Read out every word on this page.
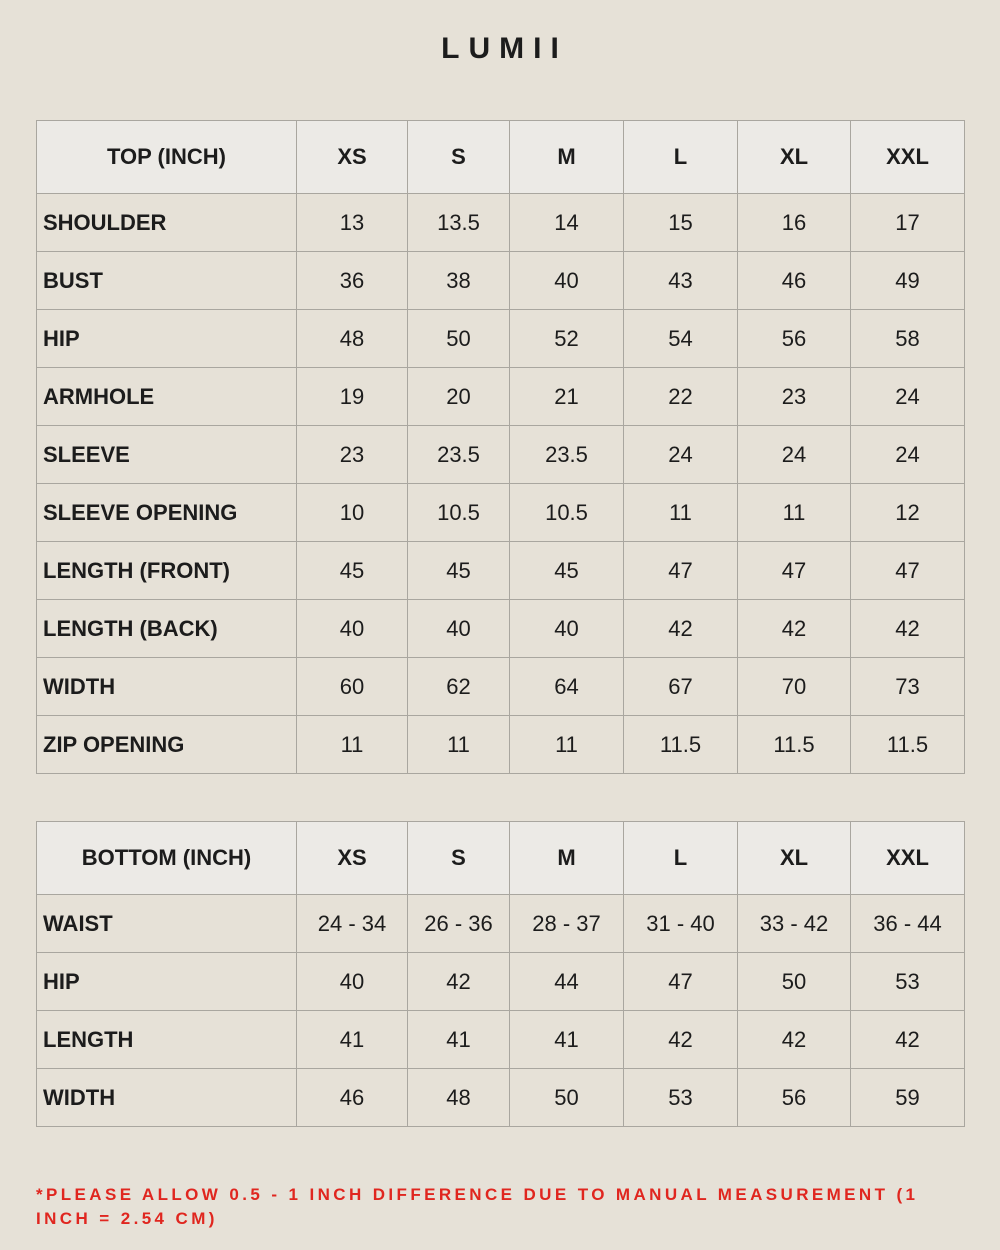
LUMII
TOP (INCH)	XS	S	M	L	XL	XXL
SHOULDER	13	13.5	14	15	16	17
BUST	36	38	40	43	46	49
HIP	48	50	52	54	56	58
ARMHOLE	19	20	21	22	23	24
SLEEVE	23	23.5	23.5	24	24	24
SLEEVE OPENING	10	10.5	10.5	11	11	12
LENGTH (FRONT)	45	45	45	47	47	47
LENGTH (BACK)	40	40	40	42	42	42
WIDTH	60	62	64	67	70	73
ZIP OPENING	11	11	11	11.5	11.5	11.5
BOTTOM (INCH)	XS	S	M	L	XL	XXL
WAIST	24 - 34	26 - 36	28 - 37	31 - 40	33 - 42	36 - 44
HIP	40	42	44	47	50	53
LENGTH	41	41	41	42	42	42
WIDTH	46	48	50	53	56	59
*PLEASE ALLOW 0.5 - 1 INCH DIFFERENCE DUE TO MANUAL MEASUREMENT (1 INCH = 2.54 CM)
